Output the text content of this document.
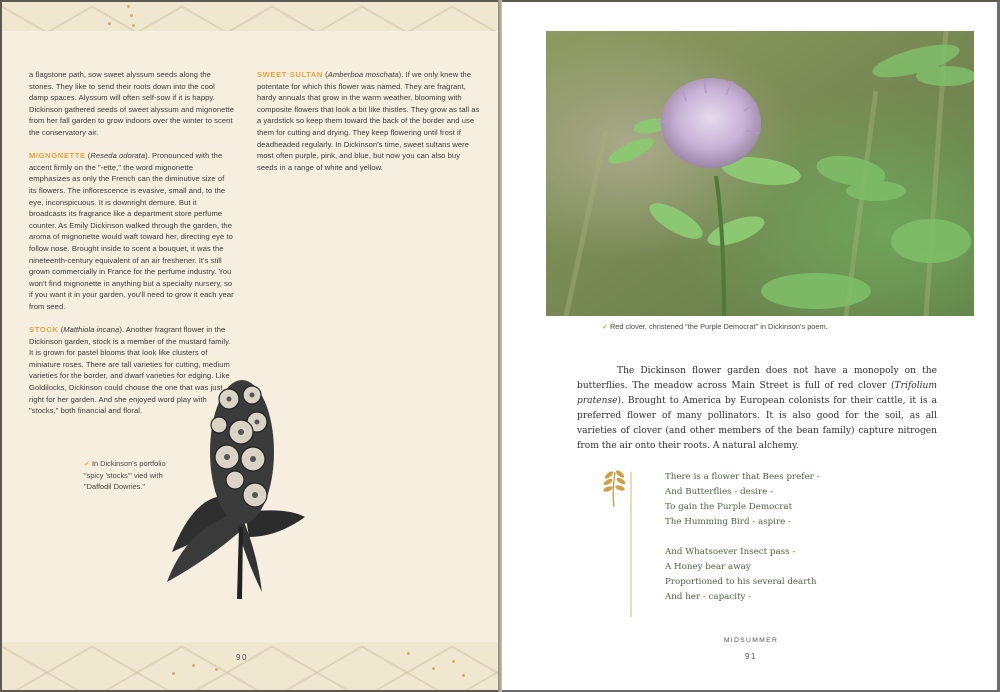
a flagstone path, sow sweet alyssum seeds along the stones. They like to send their roots down into the cool damp spaces. Alyssum will often self-sow if it is happy. Dickinson gathered seeds of sweet alyssum and mignonette from her fall garden to grow indoors over the winter to scent the conservatory air.

MIGNONETTE (Reseda odorata). Pronounced with the accent firmly on the "-ette," the word mignonette emphasizes as only the French can the diminutive size of its flowers. The inflorescence is evasive, small and, to the eye, inconspicuous. It is downright demure. But it broadcasts its fragrance like a department store perfume counter. As Emily Dickinson walked through the garden, the aroma of mignonette would waft toward her, directing eye to follow nose. Brought inside to scent a bouquet, it was the nineteenth-century equivalent of an air freshener. It's still grown commercially in France for the perfume industry. You won't find mignonette in anything but a specialty nursery, so if you want it in your garden, you'll need to grow it each year from seed.

STOCK (Matthiola incana). Another fragrant flower in the Dickinson garden, stock is a member of the mustard family. It is grown for pastel blooms that look like clusters of miniature roses. There are tall varieties for cutting, medium varieties for the border, and dwarf varieties for edging. Like Goldilocks, Dickinson could choose the one that was just right for her garden. And she enjoyed word play with "stocks," both financial and floral.

SWEET SULTAN (Amberboa moschata). If we only knew the potentate for which this flower was named. They are fragrant, hardy annuals that grow in the warm weather, blooming with composite flowers that look a bit like thistles. They grow as tall as a yardstick so keep them toward the back of the border and use them for cutting and drying. They keep flowering until frost if deadheaded regularly. In Dickinson's time, sweet sultans were most often purple, pink, and blue, but now you can also buy seeds in a range of white and yellow.

✔ In Dickinson's portfolio "spicy 'stocks'" vied with "Daffodil Dowries."
90
✔ Red clover, christened "the Purple Democrat" in Dickinson's poem.
The Dickinson flower garden does not have a monopoly on the butterflies. The meadow across Main Street is full of red clover (Trifolium pratense). Brought to America by European colonists for their cattle, it is a preferred flower of many pollinators. It is also good for the soil, as all varieties of clover (and other members of the bean family) capture nitrogen from the air onto their roots. A natural alchemy.
There is a flower that Bees prefer -
And Butterflies - desire -
To gain the Purple Democrat
The Humming Bird - aspire -
And Whatsoever Insect pass -
A Honey bear away
Proportioned to his several dearth
And her - capacity -
MIDSUMMER
91
